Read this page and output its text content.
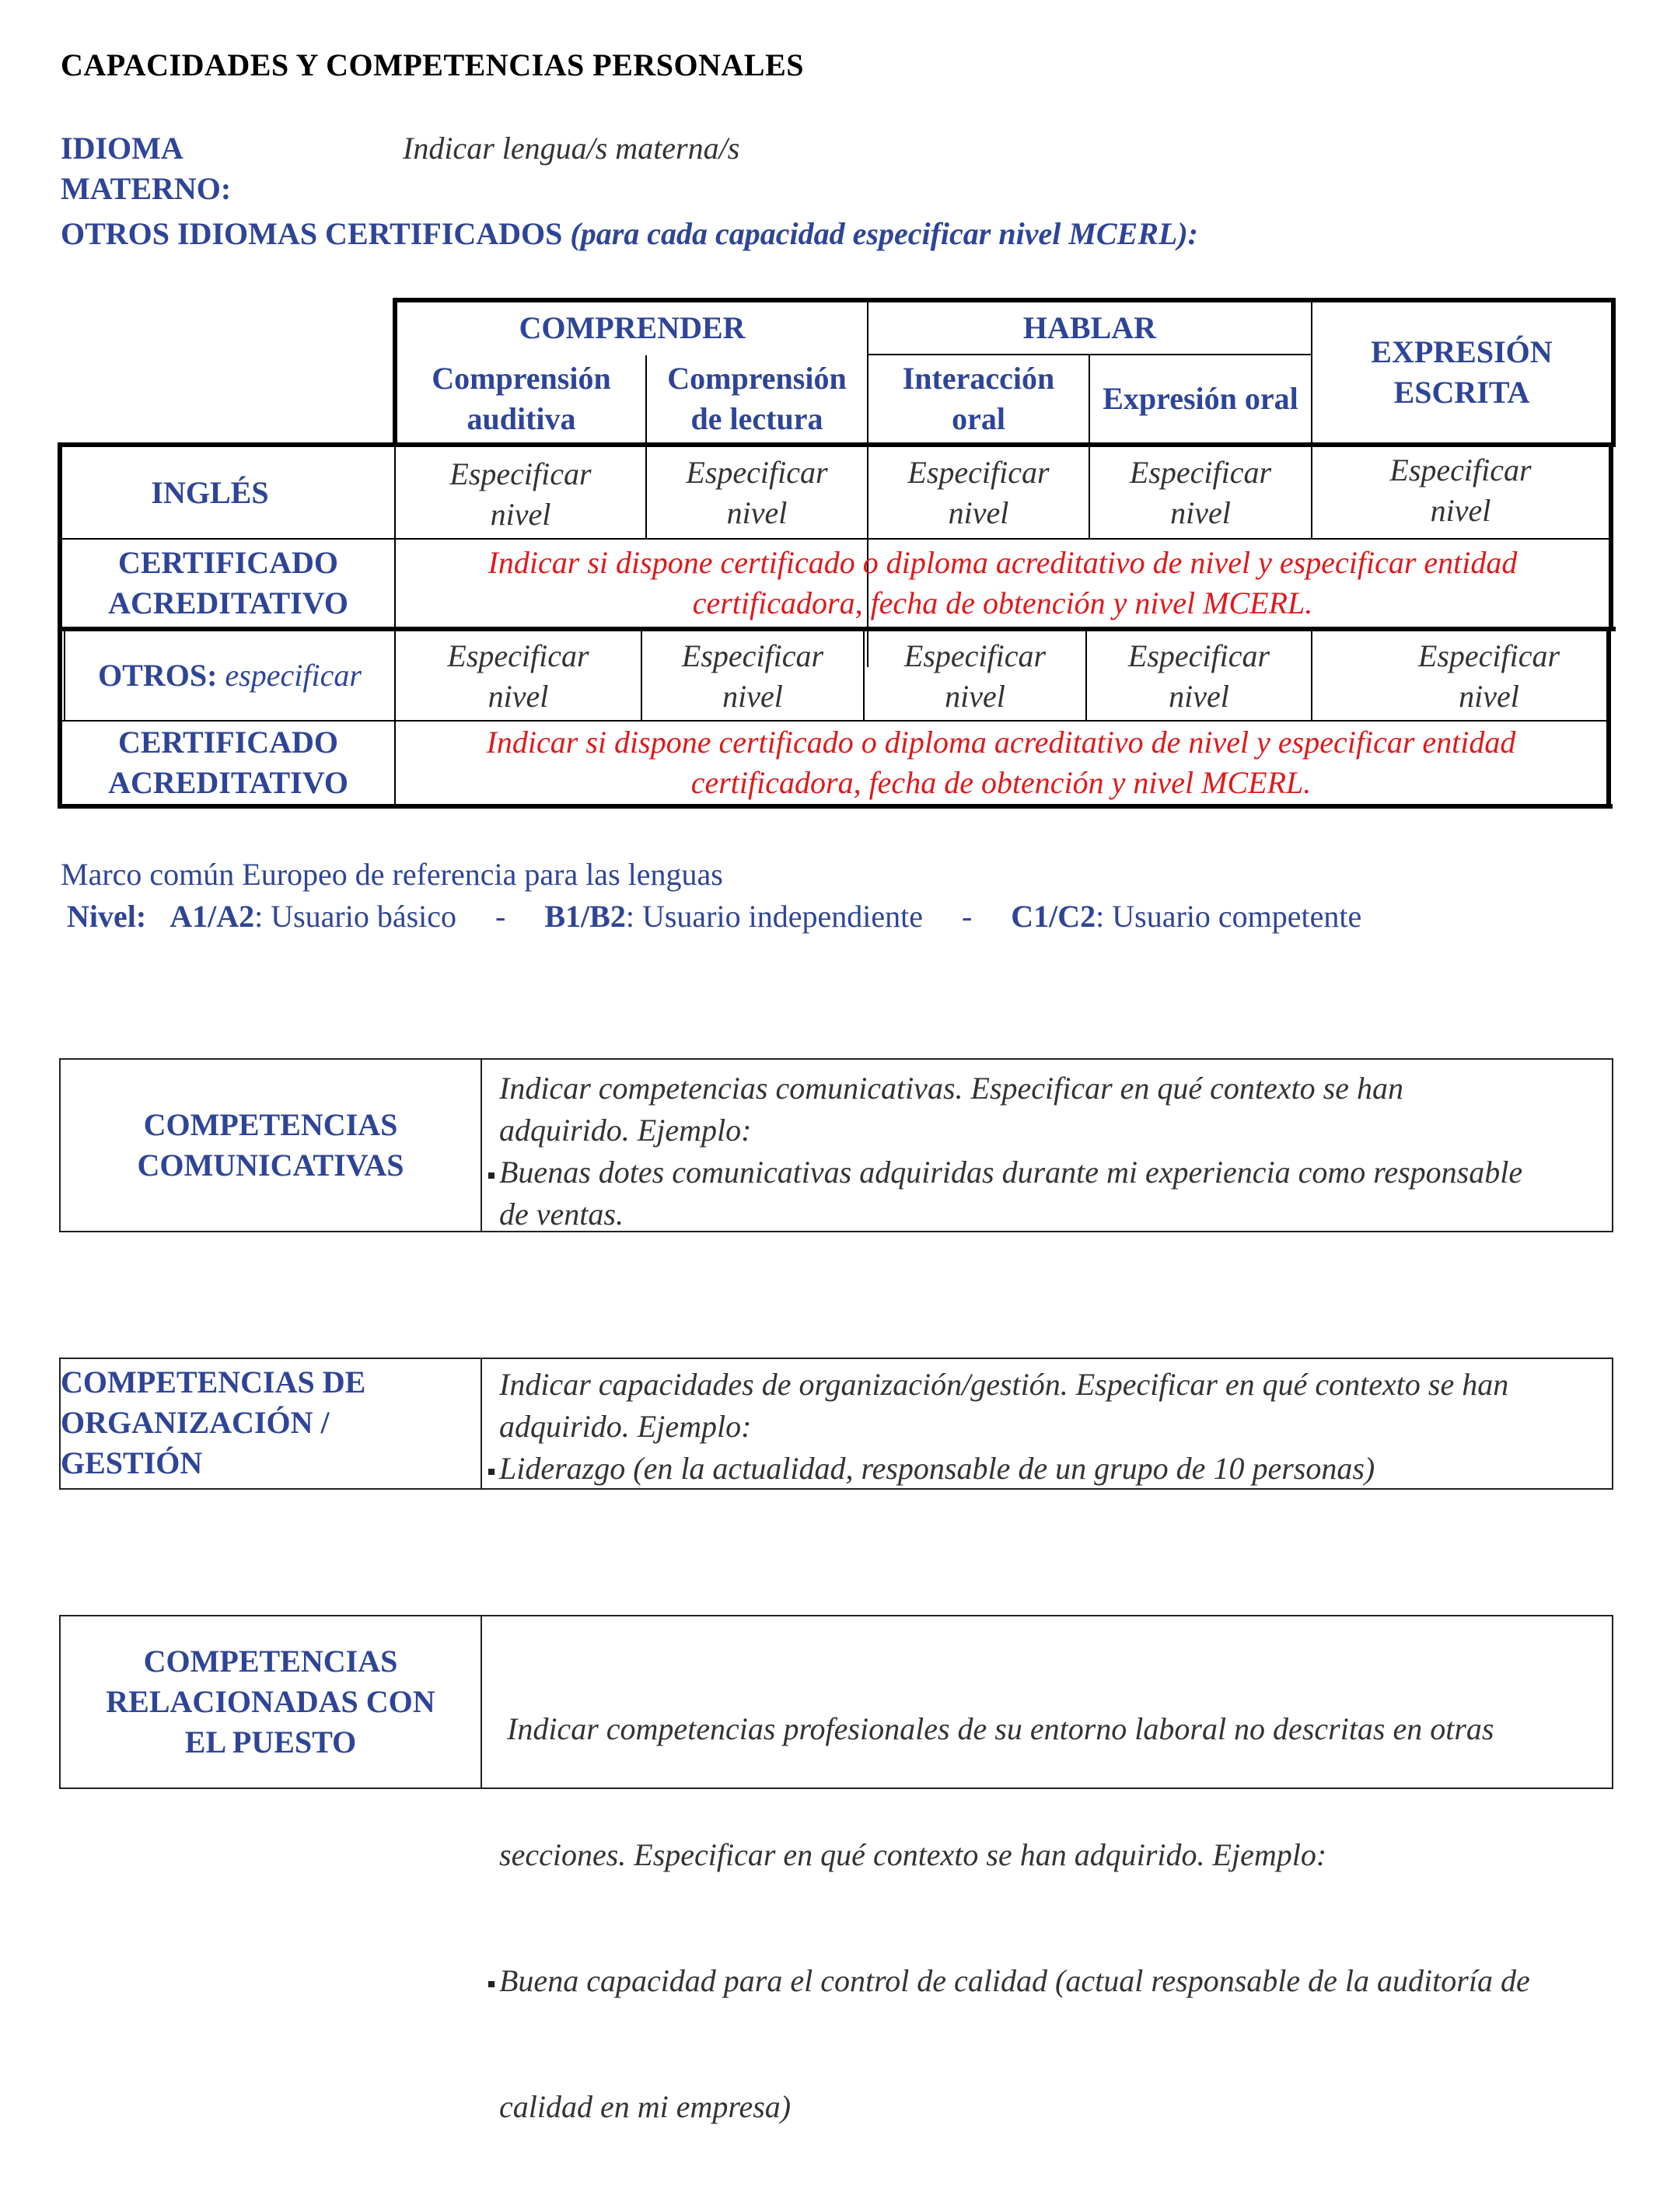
CAPACIDADES Y COMPETENCIAS PERSONALES
IDIOMA
MATERNO:
Indicar lengua/s materna/s
OTROS IDIOMAS CERTIFICADOS (para cada capacidad especificar nivel MCERL):
COMPRENDER	HABLAR
EXPRESIÓN
ESCRITA
Comprensión
auditiva
Comprensión
de lectura
Interacción
oral
Expresión oral
INGLÉS
Especificar
nivel
Especificar
nivel
Especificar
nivel
Especificar
nivel
Especificar
nivel
CERTIFICADO
ACREDITATIVO
Indicar si dispone certificado o diploma acreditativo de nivel y especificar entidad
certificadora, fecha de obtención y nivel MCERL.
OTROS:
especificar
Especificar
nivel
Especificar
nivel
Especificar
nivel
Especificar
nivel
Especificar
nivel
CERTIFICADO
ACREDITATIVO
Indicar si dispone certificado o diploma acreditativo de nivel y especificar entidad
certificadora, fecha de obtención y nivel MCERL.
Marco común Europeo de referencia para las lenguas
Nivel: A1/A2: Usuario básico - B1/B2: Usuario independiente - C1/C2: Usuario competente
COMPETENCIAS
COMUNICATIVAS
Indicar competencias comunicativas. Especificar en qué contexto se han
adquirido. Ejemplo:
Buenas dotes comunicativas adquiridas durante mi experiencia como responsable
de ventas.
COMPETENCIAS DE
ORGANIZACIÓN /
GESTIÓN
Indicar capacidades de organización/gestión. Especificar en qué contexto se han
adquirido. Ejemplo:
Liderazgo (en la actualidad, responsable de un grupo de 10 personas)
COMPETENCIAS
RELACIONADAS CON
EL PUESTO

	Indicar competencias profesionales de su entorno laboral no descritas en otras

secciones. Especificar en qué contexto se han adquirido. Ejemplo:

Buena capacidad para el control de calidad (actual responsable de la auditoría de

calidad en mi empresa)
